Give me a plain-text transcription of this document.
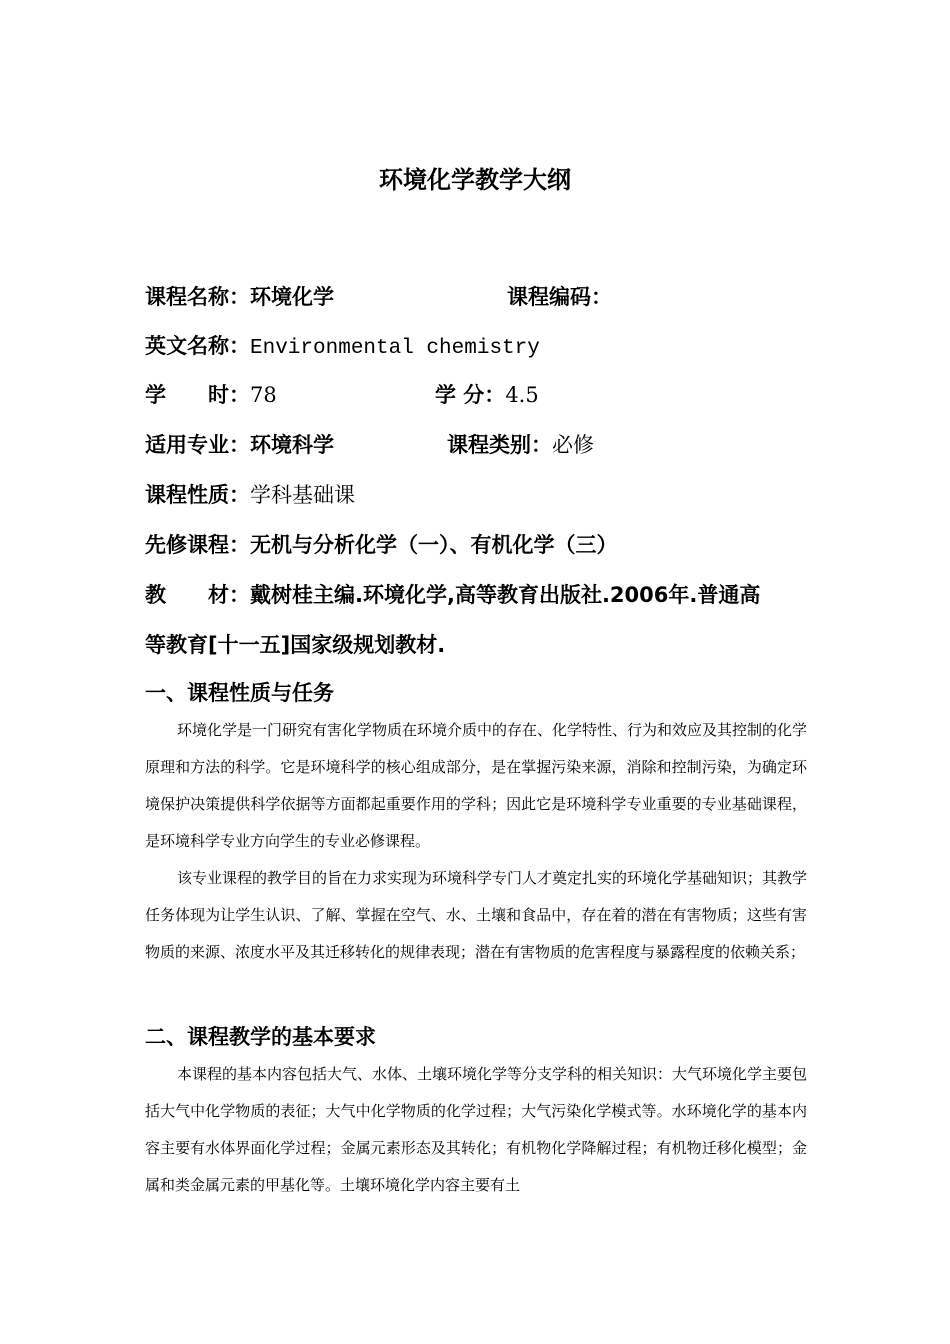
环境化学教学大纲
课程名称：环境化学	课程编码：
英文名称：Environmental chemistry
学　　时：78	学 分：4.5
适用专业：环境科学	课程类别：必修
课程性质：学科基础课
先修课程：无机与分析化学（一）、有机化学（三）
教　　材：戴树桂主编.环境化学,高等教育出版社.2006年.普通高
等教育[十一五]国家级规划教材.
一、课程性质与任务

环境化学是一门研究有害化学物质在环境介质中的存在、化学特性、行为和效应及其控制的化学原理和方法的科学。它是环境科学的核心组成部分，是在掌握污染来源，消除和控制污染，为确定环境保护决策提供科学依据等方面都起重要作用的学科；因此它是环境科学专业重要的专业基础课程，是环境科学专业方向学生的专业必修课程。

该专业课程的教学目的旨在力求实现为环境科学专门人才奠定扎实的环境化学基础知识；其教学任务体现为让学生认识、了解、掌握在空气、水、土壤和食品中，存在着的潜在有害物质；这些有害物质的来源、浓度水平及其迁移转化的规律表现；潜在有害物质的危害程度与暴露程度的依赖关系；

二、课程教学的基本要求

本课程的基本内容包括大气、水体、土壤环境化学等分支学科的相关知识：大气环境化学主要包括大气中化学物质的表征；大气中化学物质的化学过程；大气污染化学模式等。水环境化学的基本内容主要有水体界面化学过程；金属元素形态及其转化；有机物化学降解过程；有机物迁移化模型；金属和类金属元素的甲基化等。土壤环境化学内容主要有土
